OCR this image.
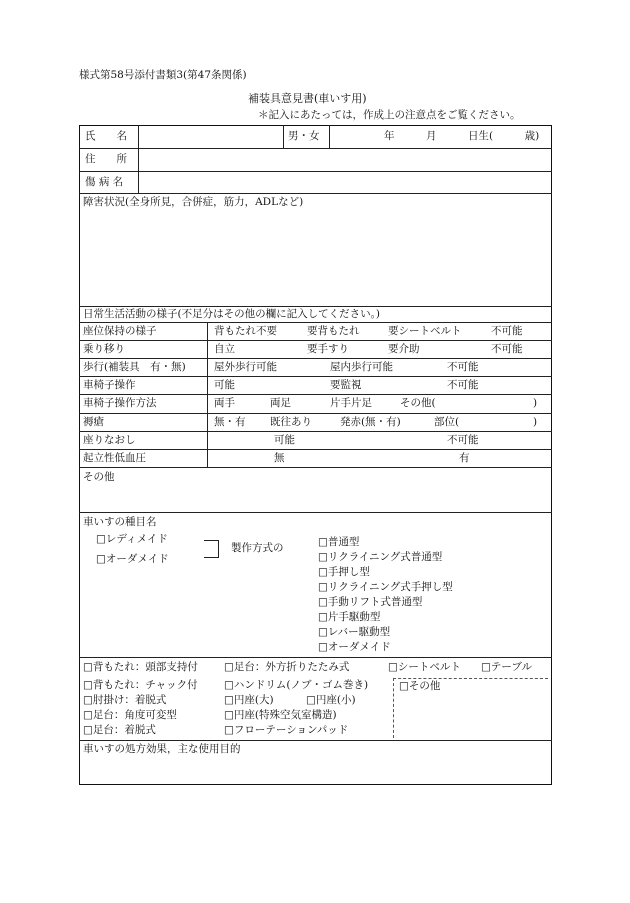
様式第58号添付書類3(第47条関係)
補装具意見書(車いす用)
＊記入にあたっては，作成上の注意点をご覧ください。
氏　　名	男・女	年　　　月　　　日生(　　　歳)
住　　所
傷 病 名
障害状況(全身所見，合併症，筋力，ADLなど)
日常生活活動の様子(不足分はその他の欄に記入してください。)
座位保持の様子	背もたれ不要	要背もたれ	要シートベルト	不可能
乗り移り	自立	要手すり	要介助	不可能
歩行(補装具　有・無)	屋外歩行可能	屋内歩行可能	不可能
車椅子操作	可能	要監視	不可能
車椅子操作方法	両手	両足	片手片足	その他(	)
褥瘡	無・有 既往あり	発赤(無・有)	部位(	)
座りなおし	可能	不可能
起立性低血圧	無	有
その他
車いすの種目名
□レディメイド
□オーダメイド
製作方式の	□普通型
□リクライニング式普通型
□手押し型
□リクライニング式手押し型
□手動リフト式普通型
□片手駆動型
□レバー駆動型
□オーダメイド
□背もたれ：頭部支持付
□背もたれ：チャック付
□肘掛け：着脱式
□足台：角度可変型
□足台：着脱式
□足台：外方折りたたみ式
□ハンドリム(ノブ・ゴム巻き)
□円座(大)	□円座(小)
□円座(特殊空気室構造)
□フローテーションパッド
□シートベルト □テーブル
□その他
車いすの処方効果，主な使用目的
